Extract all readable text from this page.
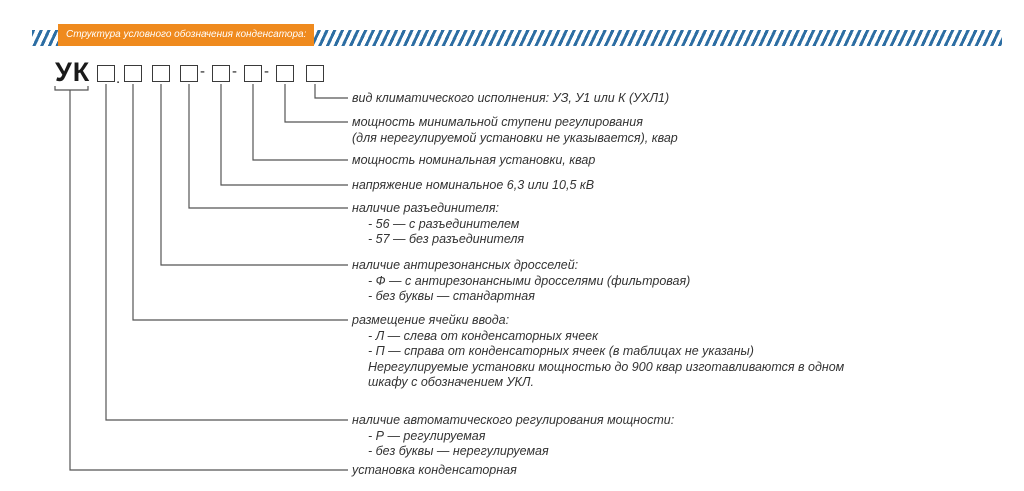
Структура условного обозначения конденсатора:
УК .	- - -
вид климатического исполнения: УЗ, У1 или К (УХЛ1)
мощность минимальной ступени регулирования
(для нерегулируемой установки не указывается), квар
мощность номинальная установки, квар
напряжение номинальное 6,3 или 10,5 кВ
наличие разъединителя:
- 56 — с разъединителем
- 57 — без разъединителя
наличие антирезонансных дросселей:
- Ф — с антирезонансными дросселями (фильтровая)
- без буквы — стандартная
размещение ячейки ввода:
- Л — слева от конденсаторных ячеек
- П — справа от конденсаторных ячеек (в таблицах не указаны)
Нерегулируемые установки мощностью до 900 квар изготавливаются в одном
шкафу с обозначением УКЛ.
наличие автоматического регулирования мощности:
- Р — регулируемая
- без буквы — нерегулируемая
установка конденсаторная
